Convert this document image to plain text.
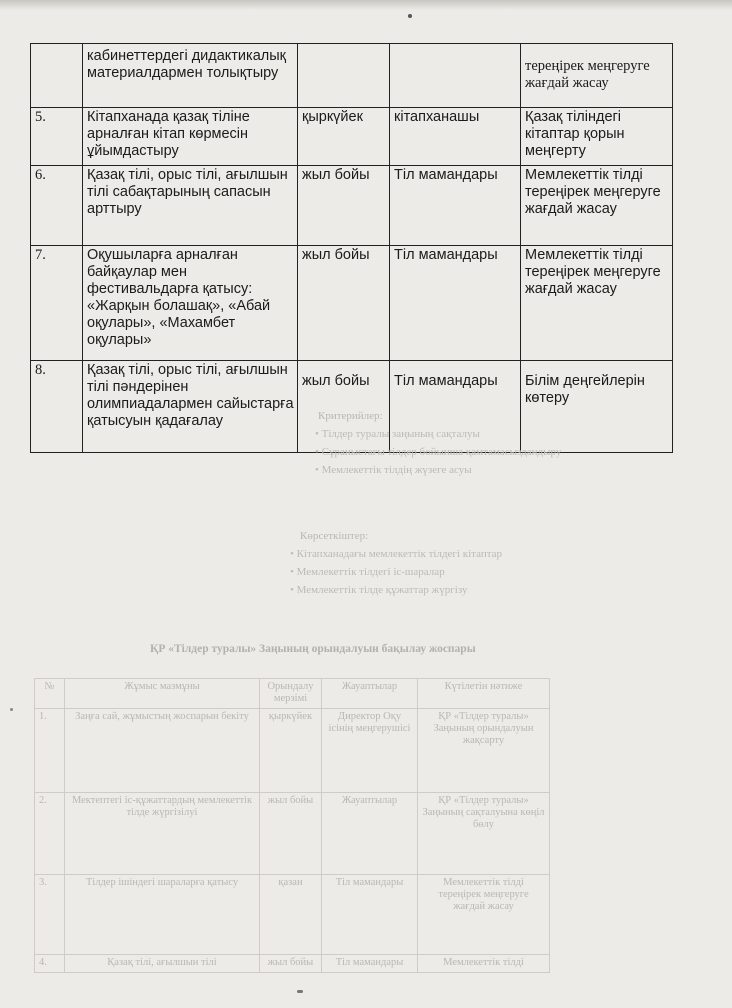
	кабинеттердегі дидактикалық материалдармен толықтыру			тереңірек меңгеруге жағдай жасау
5.	Кітапханада қазақ тіліне арналған кітап көрмесін ұйымдастыру	қыркүйек	кітапханашы	Қазақ тіліндегі кітаптар қорын меңгерту
6.	Қазақ тілі, орыс тілі, ағылшын тілі сабақтарының сапасын арттыру	жыл бойы	Тіл мамандары	Мемлекеттік тілді тереңірек меңгеруге жағдай жасау
7.	Оқушыларға арналған байқаулар мен фестивальдарға қатысу: «Жарқын болашақ», «Абай оқулары», «Махамбет оқулары»	жыл бойы	Тіл мамандары	Мемлекеттік тілді тереңірек меңгеруге жағдай жасау
8.	Қазақ тілі, орыс тілі, ағылшын тілі пәндерінен олимпиадалармен сайыстарға қатысуын қадағалау	жыл бойы	Тіл мамандары	Білім деңгейлерін көтеру
Критерийлер:
• Тілдер туралы заңының сақталуы
• Сұраныстағы тілдер бойынша қамтамасыздандыру
• Мемлекеттік тілдің жүзеге асуы
Көрсеткіштер:
• Кітапханадағы мемлекеттік тілдегі кітаптар
• Мемлекеттік тілдегі іс-шаралар
• Мемлекеттік тілде құжаттар жүргізу
ҚР «Тілдер туралы» Заңының орындалуын бақылау жоспары
№	Жұмыс мазмұны	Орындалу мерзімі	Жауаптылар	Күтілетін нәтиже
1.	Заңға сай, жұмыстың жоспарын бекіту	қыркүйек	Директор Оқу ісінің меңгерушісі	ҚР «Тілдер туралы» Заңының орындалуын жақсарту
2.	Мектептегі іс-құжаттардың мемлекеттік тілде жүргізілуі	жыл бойы	Жауаптылар	ҚР «Тілдер туралы» Заңының сақталуына көңіл бөлу
3.	Тілдер ішіндегі шараларға қатысу	қазан	Тіл мамандары	Мемлекеттік тілді тереңірек меңгеруге жағдай жасау
4.	Қазақ тілі, ағылшын тілі	жыл бойы	Тіл мамандары	Мемлекеттік тілді
